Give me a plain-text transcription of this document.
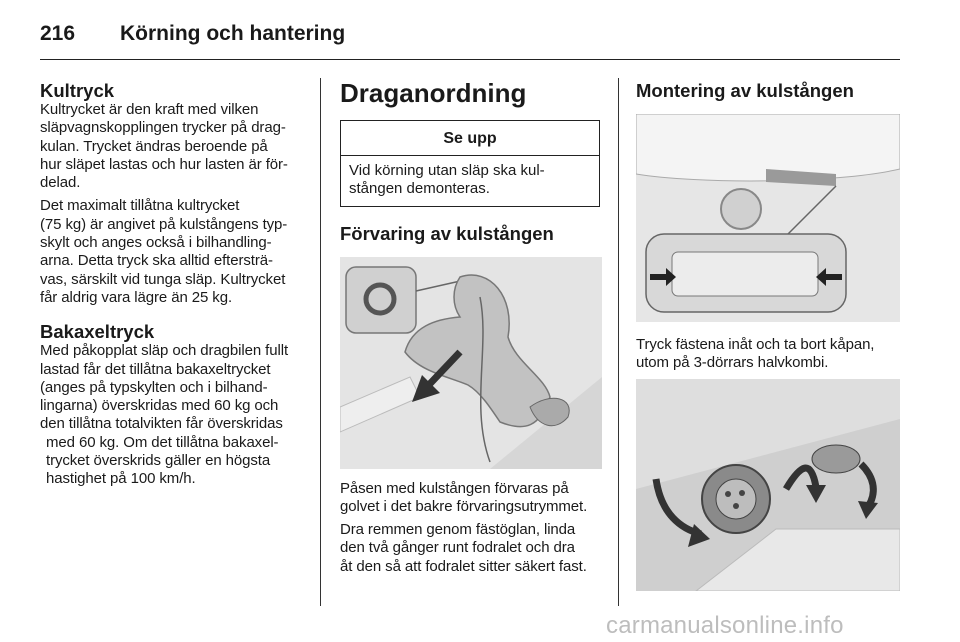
216 Körning och hantering

Kultryck

Kultrycket är den kraft med vilken
släpvagnskopplingen trycker på drag-
kulan. Trycket ändras beroende på
hur släpet lastas och hur lasten är för-
delad.

Det maximalt tillåtna kultrycket
(75 kg) är angivet på kulstångens typ-
skylt och anges också i bilhandling-
arna. Detta tryck ska alltid eftersträ-
vas, särskilt vid tunga släp. Kultrycket
får aldrig vara lägre än 25 kg.

Bakaxeltryck

Med påkopplat släp och dragbilen fullt
lastad får det tillåtna bakaxeltrycket
(anges på typskylten och i bilhand-
lingarna) överskridas med 60 kg och
den tillåtna totalvikten får överskridas

med 60 kg. Om det tillåtna bakaxel-
trycket överskrids gäller en högsta
hastighet på 100 km/h.

Draganordning

Se upp
Vid körning utan släp ska kul-
stången demonteras.

Förvaring av kulstången

Påsen med kulstången förvaras på
golvet i det bakre förvaringsutrymmet.

Dra remmen genom fästöglan, linda
den två gånger runt fodralet och dra
åt den så att fodralet sitter säkert fast.

Montering av kulstången

Tryck fästena inåt och ta bort kåpan,
utom på 3-dörrars halvkombi.

carmanualsonline.info
